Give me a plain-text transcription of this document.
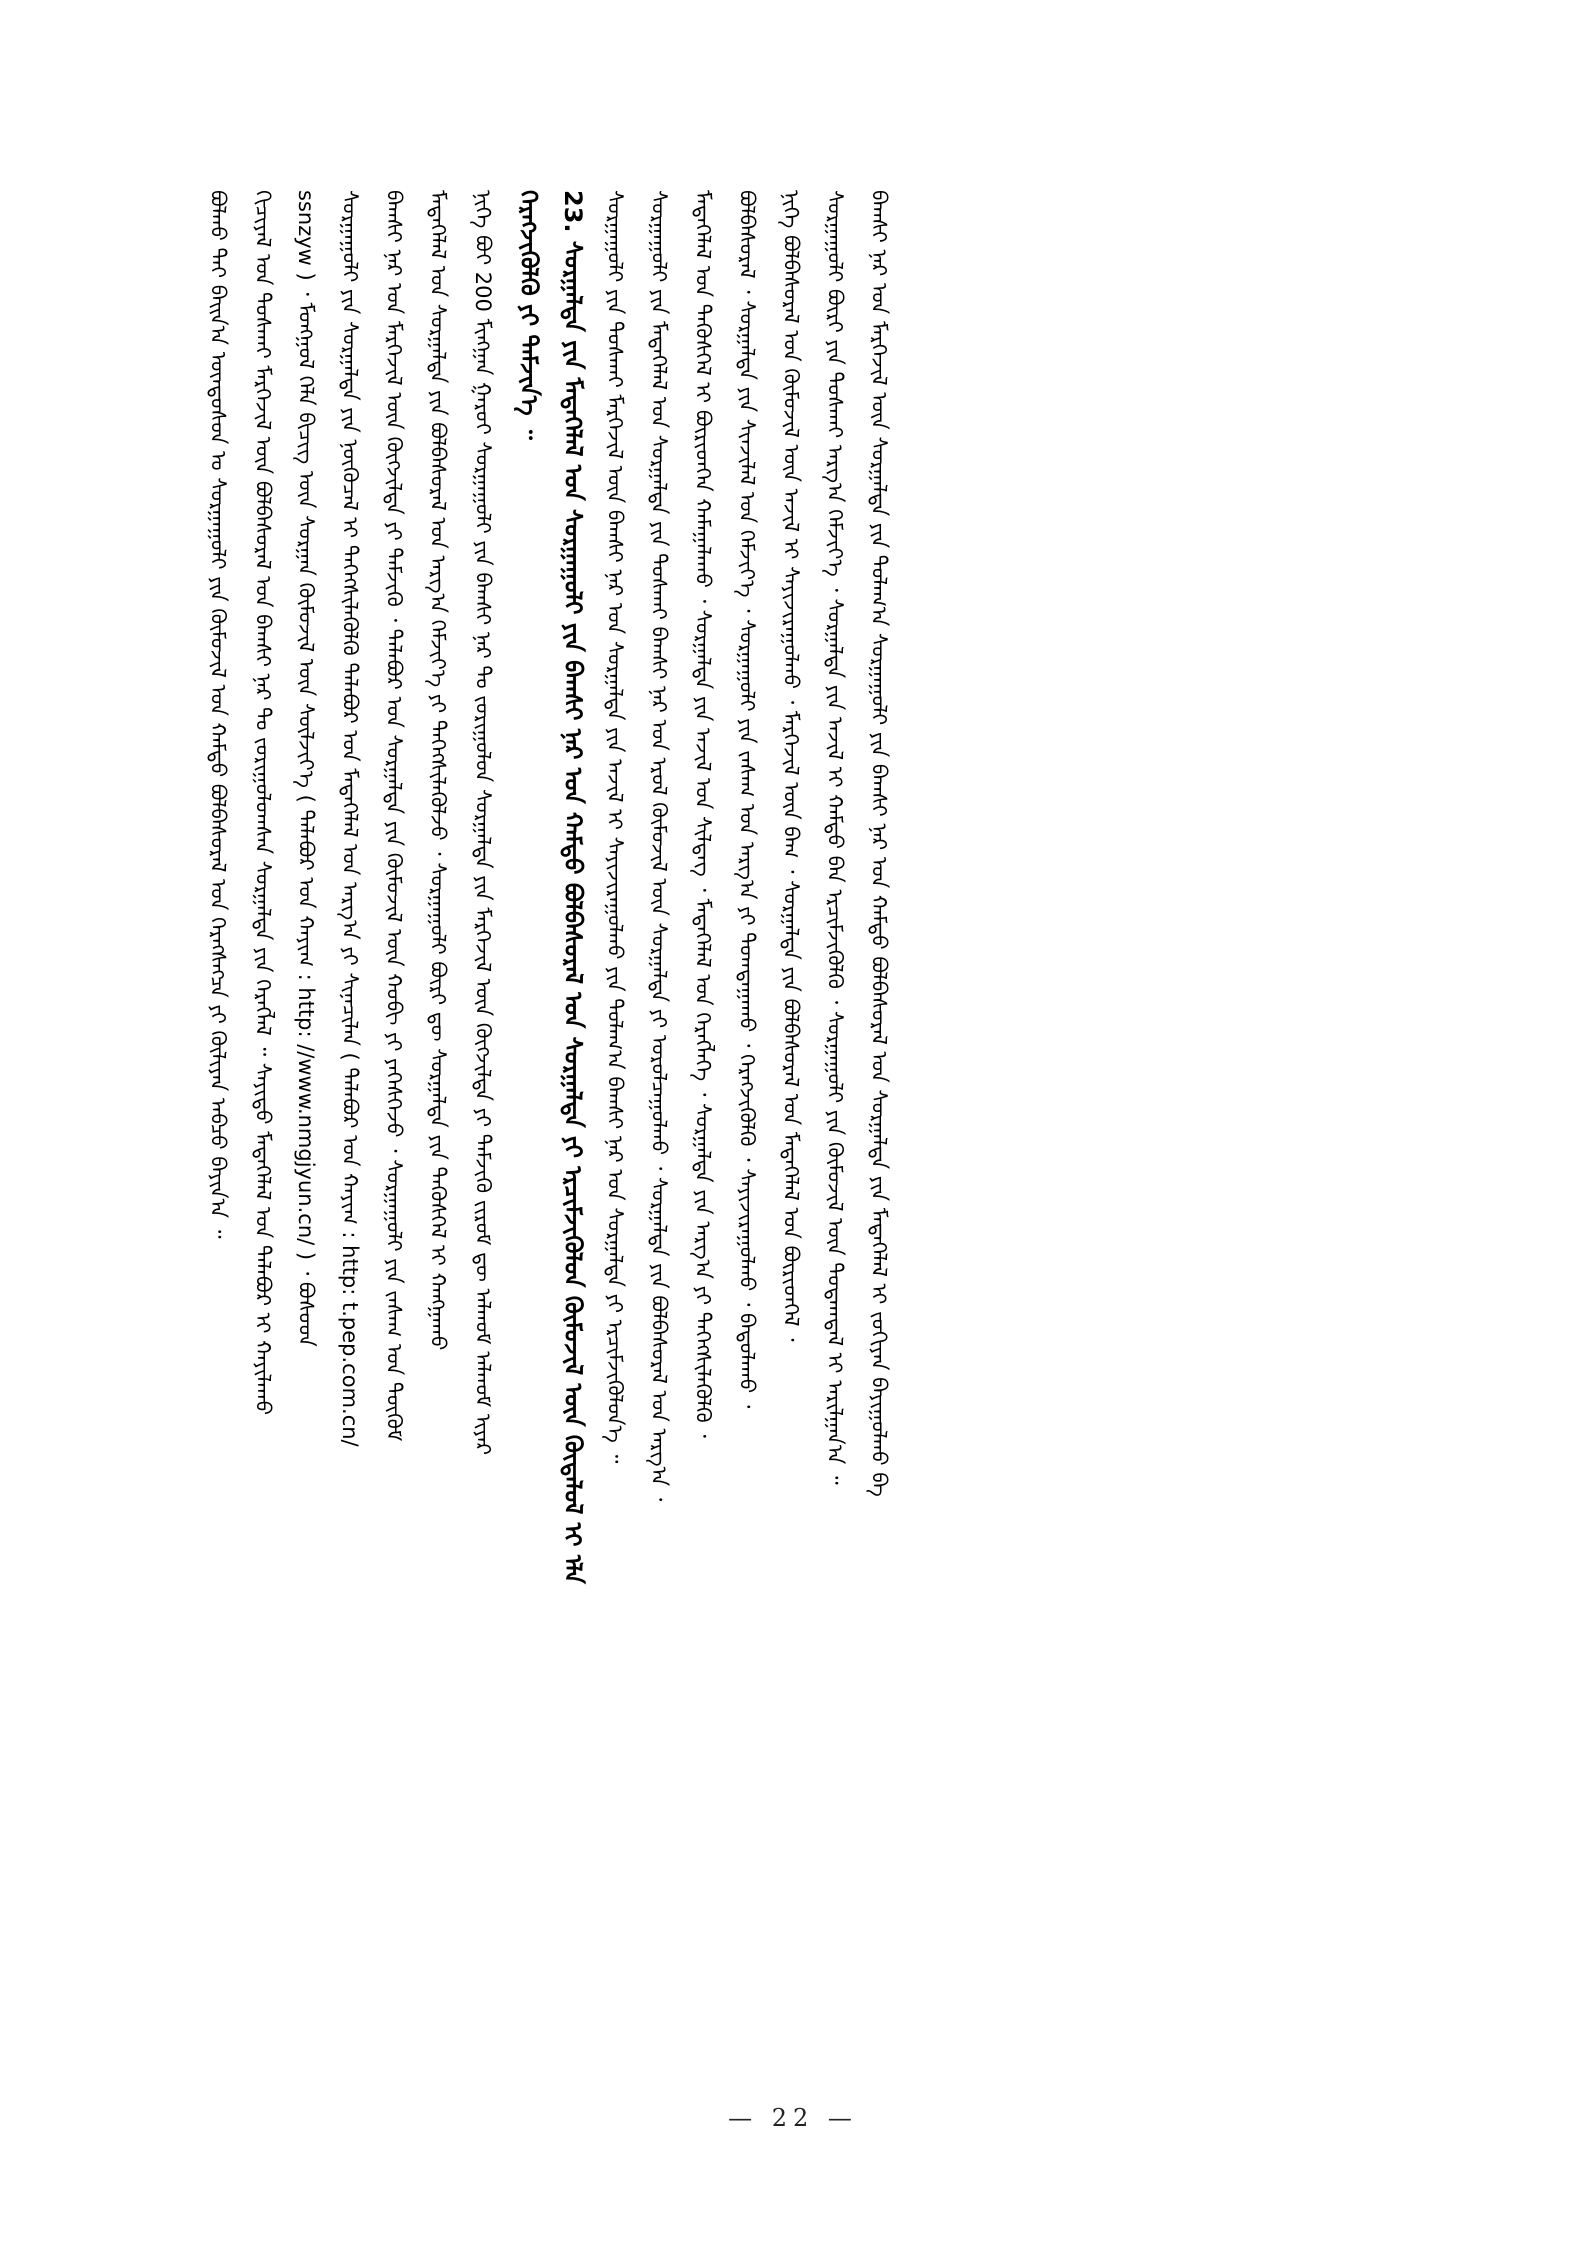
ᠪᠣᠯᠬᠤ ᠲᠠᠢ ᠪᠠᠢᠨ᠎ᠠ ᠦᠨᠳᠦᠰᠦᠨ ᠤ ᠰᠤᠷᠭᠠᠭᠤᠯᠢ ᠶᠢᠨ ᠬᠦᠮᠦᠵᠢᠯ ᠤᠨ ᠬᠠᠮᠲᠤ ᠪᠣᠯᠪᠠᠰᠤᠷᠠᠯ ᠤᠨ ᠬᠡᠷᠡᠭᠰᠡᠭᠴᠡ ᠶᠢ ᠬᠦᠯᠢᠶᠡᠨ ᠠᠪᠴᠤ ᠪᠠᠶᠢᠨ᠎ᠠ ᠃ ᠬᠢᠴᠢᠶᠡᠯ ᠤᠨ ᠲᠤᠰᠬᠠᠢ ᠮᠡᠷᠭᠡᠵᠢᠯ ᠦᠨ ᠪᠣᠯᠪᠠᠰᠤᠷᠠᠯ ᠤᠨ ᠪᠠᠭᠰᠢ ᠨᠠᠷ ᠲᠤ ᠵᠣᠷᠢᠭᠤᠯᠤᠭᠰᠠᠨ ᠰᠤᠷᠭᠠᠯᠲᠠ ᠶᠢᠨ ᠬᠡᠷᠡᠭᠯᠡᠯ ᠃ ᠰᠠᠶᠢᠲᠤ ᠮᠡᠳᠡᠭᠡᠯᠡᠯ ᠤᠨ ᠲᠠᠯᠠᠪᠤᠷ ᠢ ᠬᠠᠶᠢᠯᠠᠬᠤ ssnzyw ) ᠂ ᠮᠣᠩᠭᠣᠯ ᠬᠡᠯᠡ ᠪᠢᠴᠢᠭ ᠦᠨ ᠰᠤᠷᠭᠠᠨ ᠬᠦᠮᠦᠵᠢᠯ ᠦᠨ ᠰᠦᠯᠵᠢᠶ᠎ᠡ ( ᠲᠠᠯᠠᠪᠤᠷ ᠤᠨ ᠬᠠᠶᠢᠭ : http: //www.nmgjyun.cn/ ) ᠂ ᠪᠤᠰᠤᠳ ᠰᠤᠷᠭᠠᠭᠤᠯᠢ ᠶᠢᠨ ᠰᠤᠷᠭᠠᠯᠲᠠ ᠶᠢᠨ ᠨᠦᠬᠦᠴᠡᠯ ᠢ ᠳᠡᠭᠡᠭᠰᠢᠯᠡᠭᠦᠯᠬᠦ ᠲᠠᠯᠠᠪᠤᠷ ᠤᠨ ᠮᠡᠳᠡᠭᠡᠯᠡᠯ ᠤᠨ ᠠᠷᠭ᠎ᠠ ᠶᠢ ᠰᠢᠨᠡᠴᠢᠯᠡᠨ ( ᠲᠠᠯᠠᠪᠤᠷ ᠤᠨ ᠬᠠᠶᠢᠭ : http: t.pep.com.cn/ ᠪᠠᠭᠰᠢ ᠨᠠᠷ ᠤᠨ ᠮᠡᠷᠭᠡᠵᠢᠯ ᠦᠨ ᠬᠦᠭᠵᠢᠯᠲᠡ ᠶᠢ ᠳᠡᠮᠵᠢᠬᠦ ᠂ ᠲᠠᠯᠠᠪᠤᠷ ᠤᠨ ᠰᠤᠷᠭᠠᠯᠲᠠ ᠶᠢᠨ ᠬᠦᠮᠦᠵᠢᠯ ᠦᠨ ᠬᠤᠪᠢ ᠶᠢ ᠶᠡᠬᠡᠰᠭᠡᠵᠦ ᠂ ᠰᠤᠷᠭᠠᠭᠤᠯᠢ ᠶᠢᠨ ᠵᠠᠰᠠᠭ ᠤᠨ ᠲᠥᠭᠦᠮ ᠮᠡᠳᠡᠭᠡᠯᠡᠯ ᠤᠨ ᠰᠤᠷᠭᠠᠯᠲᠠ ᠶᠢᠨ ᠪᠣᠯᠪᠠᠰᠤᠷᠠᠯ ᠤᠨ ᠠᠷᠭ᠎ᠠ ᠬᠡᠮᠵᠢᠶ᠎ᠡ ᠶᠢ ᠳᠡᠭᠡᠭᠰᠢᠯᠡᠭᠦᠯᠵᠦ ᠂ ᠰᠤᠷᠭᠠᠭᠤᠯᠢ ᠪᠦᠷᠢ ᠳᠦ ᠰᠤᠷᠭᠠᠯᠲᠠ ᠶᠢᠨ ᠲᠡᠭᠦᠰᠬᠡᠯ ᠢ ᠬᠠᠩᠭᠠᠬᠤ ᠨᠢᠭᠡ ᠪᠤᠢ 200 ᠮᠢᠩᠭᠠᠨ ᠭᠠᠷᠤᠢ ᠰᠤᠷᠭᠠᠭᠤᠯᠢ ᠶᠢᠨ ᠪᠠᠭᠰᠢ ᠨᠠᠷ ᠲᠤ ᠵᠣᠷᠢᠭᠤᠯᠤᠨ ᠰᠤᠷᠭᠠᠯᠲᠠ ᠶᠢᠨ ᠮᠡᠷᠭᠡᠵᠢᠯ ᠦᠨ ᠬᠦᠭᠵᠢᠯᠲᠡ ᠶᠢ ᠳᠡᠮᠵᠢᠬᠦ ᠵᠢᠷᠤᠮ ᠳᠦ ᠠᠯᠬᠤᠮ ᠠᠯᠬᠤᠮ ᠢᠶᠠᠷ ᠬᠡᠷᠡᠭᠵᠢᠭᠦᠯᠬᠦ ᠶᠢ ᠳᠡᠮᠵᠢᠨ᠎ᠡ ᠃ 23. ᠰᠤᠷᠭᠠᠯᠲᠠ ᠶᠢᠨ ᠮᠡᠳᠡᠭᠡᠯᠡᠯ ᠤᠨ ᠰᠤᠷᠭᠠᠭᠤᠯᠢ ᠶᠢᠨ ᠪᠠᠭᠰᠢ ᠨᠠᠷ ᠤᠨ ᠬᠠᠮᠲᠤ ᠪᠣᠯᠪᠠᠰᠤᠷᠠᠯ ᠤᠨ ᠰᠤᠷᠭᠠᠯᠲᠠ ᠶᠢ ᠡᠷᠴᠢᠮᠵᠢᠭᠦᠯᠦᠨ ᠬᠦᠮᠦᠵᠢᠯ ᠦᠨ ᠬᠦᠳᠡᠯᠦᠯ ᠢ ᠡᠯᠡ ᠰᠤᠷᠭᠠᠭᠤᠯᠢ ᠶᠢᠨ ᠲᠤᠰᠬᠠᠢ ᠮᠡᠷᠭᠡᠵᠢᠯ ᠦᠨ ᠪᠠᠭᠰᠢ ᠨᠠᠷ ᠤᠨ ᠰᠤᠷᠭᠠᠯᠲᠠ ᠶᠢᠨ ᠠᠵᠢᠯ ᠢ ᠰᠠᠶᠢᠵᠢᠷᠠᠭᠤᠯᠬᠤ ᠶᠢᠨ ᠲᠤᠯᠠᠭ᠎ᠠ ᠪᠠᠭᠰᠢ ᠨᠠᠷ ᠤᠨ ᠰᠤᠷᠭᠠᠯᠲᠠ ᠶᠢ ᠡᠷᠴᠢᠮᠵᠢᠭᠦᠯᠦᠨ᠎ᠡ ᠃ ᠰᠤᠷᠭᠠᠭᠤᠯᠢ ᠶᠢᠨ ᠮᠡᠳᠡᠭᠡᠯᠡᠯ ᠤᠨ ᠰᠤᠷᠭᠠᠯᠲᠠ ᠶᠢᠨ ᠲᠤᠰᠬᠠᠢ ᠪᠠᠭᠰᠢ ᠨᠠᠷ ᠤᠨ ᠡᠷᠦᠯ ᠬᠦᠮᠦᠵᠢᠯ ᠦᠨ ᠰᠤᠷᠭᠠᠯᠲᠠ ᠶᠢ ᠣᠷᠤᠯᠴᠠᠭᠤᠯᠬᠤ ᠂ ᠰᠤᠷᠭᠠᠯᠲᠠ ᠶᠢᠨ ᠪᠣᠯᠪᠠᠰᠤᠷᠠᠯ ᠤᠨ ᠠᠷᠭ᠎ᠠ ᠂ ᠮᠡᠳᠡᠭᠡᠯᠡᠯ ᠤᠨ ᠲᠡᠭᠦᠰᠬᠡᠯ ᠢ ᠪᠦᠷᠢᠳᠬᠡᠨ ᠬᠠᠮᠠᠭᠠᠯᠠᠬᠤ ᠂ ᠰᠤᠷᠭᠠᠯᠲᠠ ᠶᠢᠨ ᠠᠵᠢᠯ ᠤᠨ ᠰᠢᠯᠳᠡᠭ ᠂ ᠮᠡᠳᠡᠭᠡᠯᠡᠯ ᠤᠨ ᠬᠡᠷᠡᠭᠯᠡᠭᠡ ᠂ ᠰᠤᠷᠭᠠᠯᠲᠠ ᠶᠢᠨ ᠠᠷᠭ᠎ᠠ ᠶᠢ ᠳᠡᠭᠡᠭᠰᠢᠯᠡᠭᠦᠯᠬᠦ ᠂ ᠪᠣᠯᠪᠠᠰᠤᠷᠠᠯ ᠂ ᠰᠤᠷᠭᠠᠯᠲᠠ ᠶᠢᠨ ᠰᠢᠨᠵᠢᠯᠡᠯ ᠤᠨ ᠬᠡᠮᠵᠢᠶ᠎ᠡ ᠂ ᠰᠤᠷᠭᠠᠭᠤᠯᠢ ᠶᠢᠨ ᠵᠠᠰᠠᠭ ᠤᠨ ᠠᠷᠭ᠎ᠠ ᠶᠢ ᠲᠣᠭᠲᠠᠭᠠᠬᠤ ᠂ ᠬᠡᠷᠡᠭᠵᠢᠭᠦᠯᠬᠦ ᠂ ᠰᠠᠶᠢᠵᠢᠷᠠᠭᠤᠯᠬᠤ ᠂ ᠪᠠᠲᠤᠯᠠᠬᠤ ᠂ ᠨᠢᠭᠡ ᠪᠣᠯᠪᠠᠰᠤᠷᠠᠯ ᠤᠨ ᠬᠦᠮᠦᠵᠢᠯ ᠦᠨ ᠠᠵᠢᠯ ᠢ ᠰᠠᠶᠢᠵᠢᠷᠠᠭᠤᠯᠬᠤ ᠂ ᠮᠡᠷᠭᠡᠵᠢᠯ ᠦᠨ ᠪᠠᠭ ᠂ ᠰᠤᠷᠭᠠᠯᠲᠠ ᠶᠢᠨ ᠪᠣᠯᠪᠠᠰᠤᠷᠠᠯ ᠤᠨ ᠮᠡᠳᠡᠭᠡᠯᠡᠯ ᠤᠨ ᠪᠦᠷᠢᠳᠬᠡᠯ ᠂ ᠰᠤᠷᠭᠠᠭᠤᠯᠢ ᠪᠦᠷᠢ ᠶᠢᠨ ᠲᠤᠰᠬᠠᠢ ᠠᠷᠭ᠎ᠠ ᠬᠡᠮᠵᠢᠶ᠎ᠡ ᠂ ᠰᠤᠷᠭᠠᠯᠲᠠ ᠶᠢᠨ ᠠᠵᠢᠯ ᠢ ᠬᠠᠮᠲᠤ ᠪᠠᠨ ᠡᠷᠴᠢᠮᠵᠢᠭᠦᠯᠬᠦ ᠂ ᠰᠤᠷᠭᠠᠭᠤᠯᠢ ᠶᠢᠨ ᠬᠦᠮᠦᠵᠢᠯ ᠦᠨ ᠳᠤᠲᠠᠭᠳᠠᠯ ᠢ ᠠᠷᠢᠯᠭᠠᠨ᠎ᠠ ᠃ ᠪᠠᠭᠰᠢ ᠨᠠᠷ ᠤᠨ ᠮᠡᠷᠭᠡᠵᠢᠯ ᠦᠨ ᠰᠤᠷᠭᠠᠯᠲᠠ ᠶᠢᠨ ᠲᠤᠯᠠᠭ᠎ᠠ ᠰᠤᠷᠭᠠᠭᠤᠯᠢ ᠶᠢᠨ ᠪᠠᠭᠰᠢ ᠨᠠᠷ ᠤᠨ ᠬᠠᠮᠲᠤ ᠪᠣᠯᠪᠠᠰᠤᠷᠠᠯ ᠤᠨ ᠰᠤᠷᠭᠠᠯᠲᠠ ᠶᠢᠨ ᠮᠡᠳᠡᠭᠡᠯᠡᠯ ᠢ ᠵᠤᠬᠢᠶᠠᠨ ᠪᠠᠶᠢᠭᠤᠯᠬᠤ ᠪᠠ
— 22 —
